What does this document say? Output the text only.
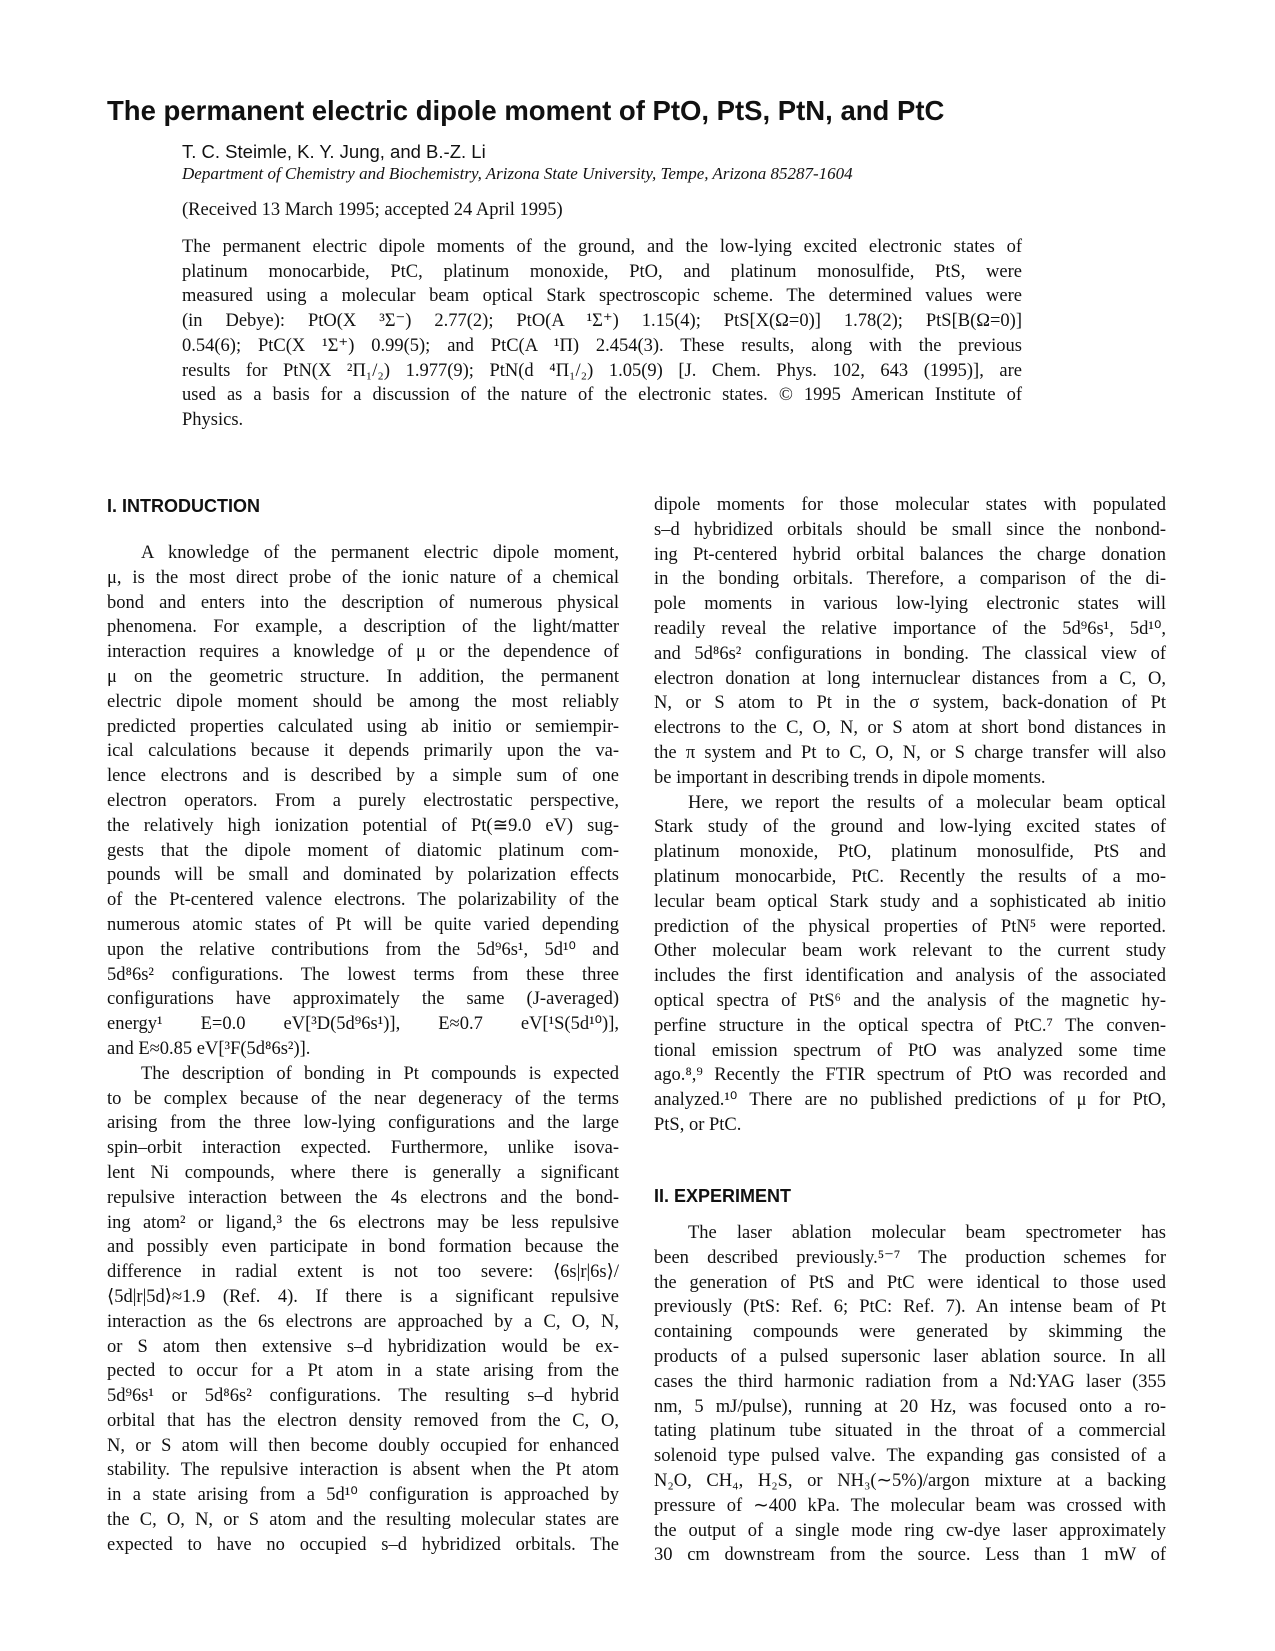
The permanent electric dipole moment of PtO, PtS, PtN, and PtC

T. C. Steimle, K. Y. Jung, and B.-Z. Li

Department of Chemistry and Biochemistry, Arizona State University, Tempe, Arizona 85287-1604

(Received 13 March 1995; accepted 24 April 1995)

The permanent electric dipole moments of the ground, and the low-lying excited electronic states of
platinum monocarbide, PtC, platinum monoxide, PtO, and platinum monosulfide, PtS, were
measured using a molecular beam optical Stark spectroscopic scheme. The determined values were
(in Debye): PtO(X ³Σ⁻) 2.77(2); PtO(A ¹Σ⁺) 1.15(4); PtS[X(Ω=0)] 1.78(2); PtS[B(Ω=0)]
0.54(6); PtC(X ¹Σ⁺) 0.99(5); and PtC(A ¹Π) 2.454(3). These results, along with the previous
results for PtN(X ²Π₁/₂) 1.977(9); PtN(d ⁴Π₁/₂) 1.05(9) [J. Chem. Phys. 102, 643 (1995)], are
used as a basis for a discussion of the nature of the electronic states. © 1995 American Institute of
Physics.
I. INTRODUCTION
A knowledge of the permanent electric dipole moment,
μ, is the most direct probe of the ionic nature of a chemical
bond and enters into the description of numerous physical
phenomena. For example, a description of the light/matter
interaction requires a knowledge of μ or the dependence of
μ on the geometric structure. In addition, the permanent
electric dipole moment should be among the most reliably
predicted properties calculated using ab initio or semiempir-
ical calculations because it depends primarily upon the va-
lence electrons and is described by a simple sum of one
electron operators. From a purely electrostatic perspective,
the relatively high ionization potential of Pt(≅9.0 eV) sug-
gests that the dipole moment of diatomic platinum com-
pounds will be small and dominated by polarization effects
of the Pt-centered valence electrons. The polarizability of the
numerous atomic states of Pt will be quite varied depending
upon the relative contributions from the 5d⁹6s¹, 5d¹⁰ and
5d⁸6s² configurations. The lowest terms from these three
configurations have approximately the same (J-averaged)
energy¹ E=0.0 eV[³D(5d⁹6s¹)], E≈0.7 eV[¹S(5d¹⁰)],
and E≈0.85 eV[³F(5d⁸6s²)].
The description of bonding in Pt compounds is expected
to be complex because of the near degeneracy of the terms
arising from the three low-lying configurations and the large
spin–orbit interaction expected. Furthermore, unlike isova-
lent Ni compounds, where there is generally a significant
repulsive interaction between the 4s electrons and the bond-
ing atom² or ligand,³ the 6s electrons may be less repulsive
and possibly even participate in bond formation because the
difference in radial extent is not too severe: ⟨6s|r|6s⟩/
⟨5d|r|5d⟩≈1.9 (Ref. 4). If there is a significant repulsive
interaction as the 6s electrons are approached by a C, O, N,
or S atom then extensive s–d hybridization would be ex-
pected to occur for a Pt atom in a state arising from the
5d⁹6s¹ or 5d⁸6s² configurations. The resulting s–d hybrid
orbital that has the electron density removed from the C, O,
N, or S atom will then become doubly occupied for enhanced
stability. The repulsive interaction is absent when the Pt atom
in a state arising from a 5d¹⁰ configuration is approached by
the C, O, N, or S atom and the resulting molecular states are
expected to have no occupied s–d hybridized orbitals. The
dipole moments for those molecular states with populated
s–d hybridized orbitals should be small since the nonbond-
ing Pt-centered hybrid orbital balances the charge donation
in the bonding orbitals. Therefore, a comparison of the di-
pole moments in various low-lying electronic states will
readily reveal the relative importance of the 5d⁹6s¹, 5d¹⁰,
and 5d⁸6s² configurations in bonding. The classical view of
electron donation at long internuclear distances from a C, O,
N, or S atom to Pt in the σ system, back-donation of Pt
electrons to the C, O, N, or S atom at short bond distances in
the π system and Pt to C, O, N, or S charge transfer will also
be important in describing trends in dipole moments.
Here, we report the results of a molecular beam optical
Stark study of the ground and low-lying excited states of
platinum monoxide, PtO, platinum monosulfide, PtS and
platinum monocarbide, PtC. Recently the results of a mo-
lecular beam optical Stark study and a sophisticated ab initio
prediction of the physical properties of PtN⁵ were reported.
Other molecular beam work relevant to the current study
includes the first identification and analysis of the associated
optical spectra of PtS⁶ and the analysis of the magnetic hy-
perfine structure in the optical spectra of PtC.⁷ The conven-
tional emission spectrum of PtO was analyzed some time
ago.⁸,⁹ Recently the FTIR spectrum of PtO was recorded and
analyzed.¹⁰ There are no published predictions of μ for PtO,
PtS, or PtC.
II. EXPERIMENT
The laser ablation molecular beam spectrometer has
been described previously.⁵⁻⁷ The production schemes for
the generation of PtS and PtC were identical to those used
previously (PtS: Ref. 6; PtC: Ref. 7). An intense beam of Pt
containing compounds were generated by skimming the
products of a pulsed supersonic laser ablation source. In all
cases the third harmonic radiation from a Nd:YAG laser (355
nm, 5 mJ/pulse), running at 20 Hz, was focused onto a ro-
tating platinum tube situated in the throat of a commercial
solenoid type pulsed valve. The expanding gas consisted of a
N₂O, CH₄, H₂S, or NH₃(∼5%)/argon mixture at a backing
pressure of ∼400 kPa. The molecular beam was crossed with
the output of a single mode ring cw-dye laser approximately
30 cm downstream from the source. Less than 1 mW of
